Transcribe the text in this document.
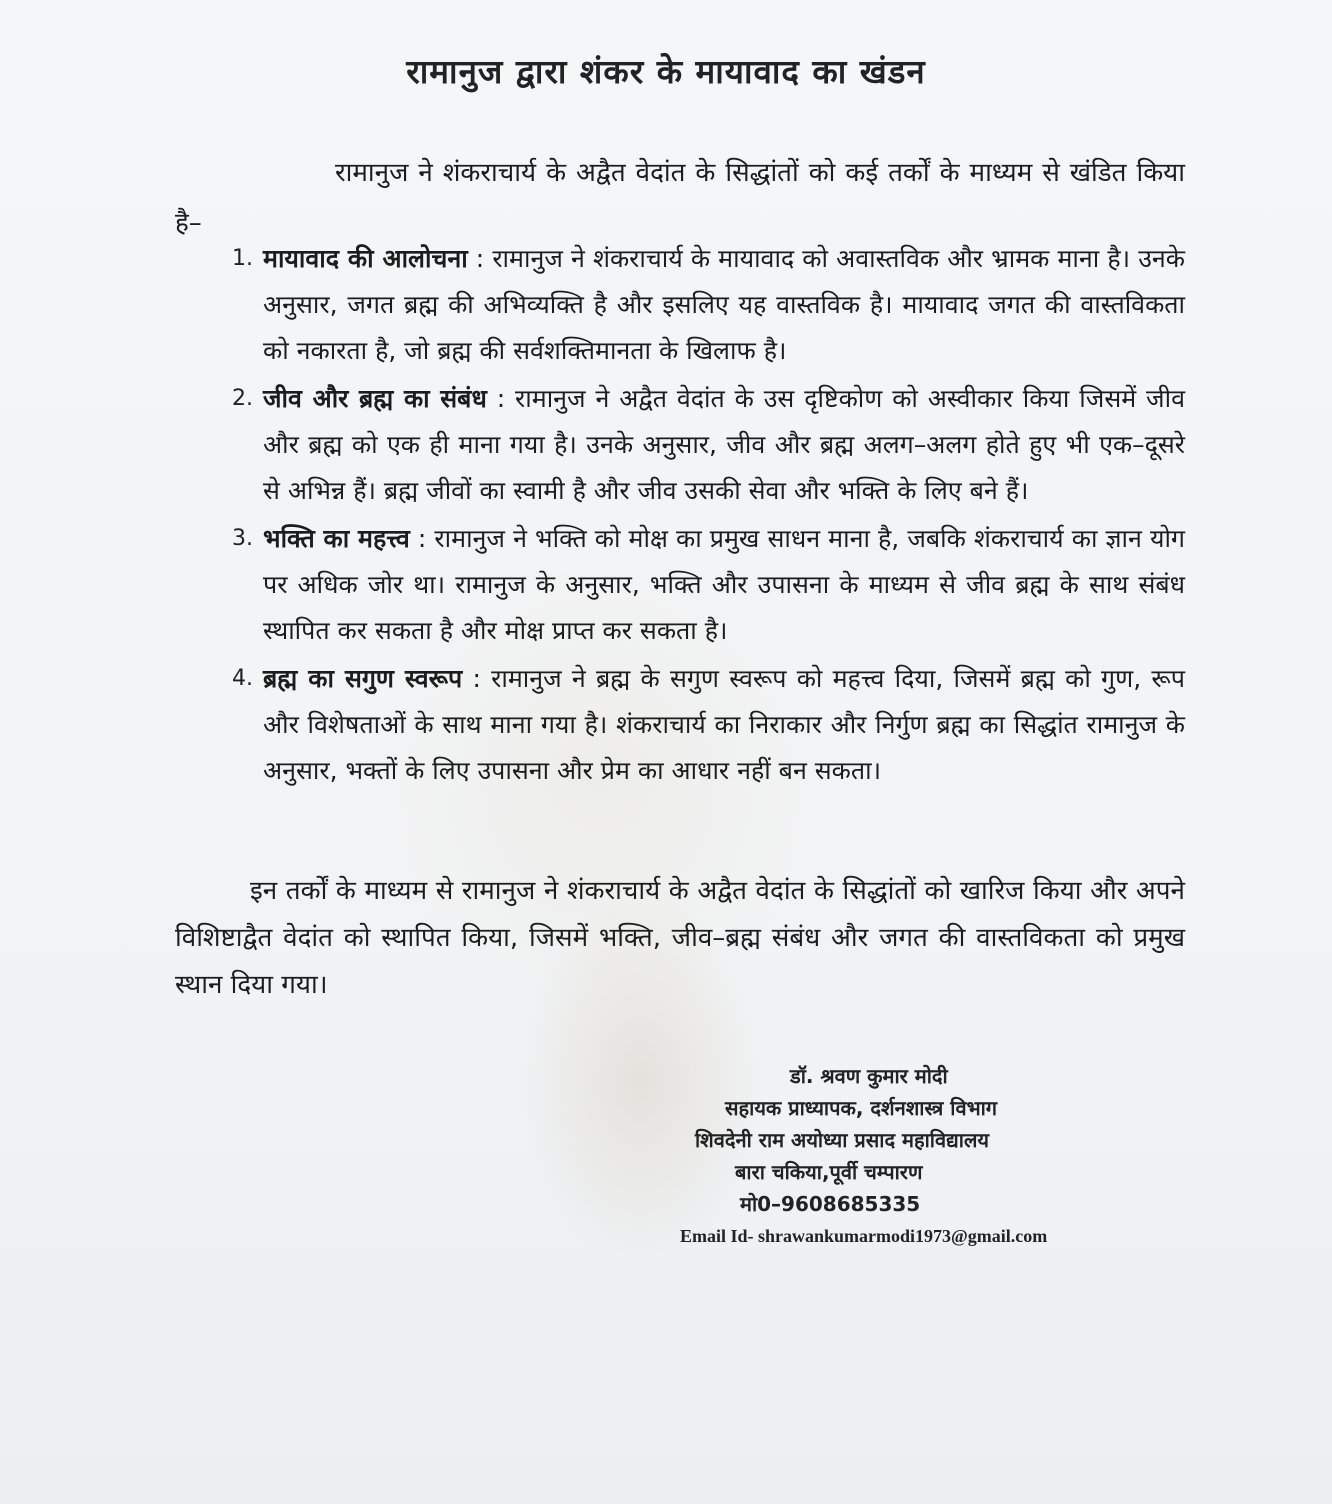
रामानुज द्वारा शंकर के मायावाद का खंडन

रामानुज ने शंकराचार्य के अद्वैत वेदांत के सिद्धांतों को कई तर्कों के माध्यम से खंडित किया है–

1. मायावाद की आलोचना : रामानुज ने शंकराचार्य के मायावाद को अवास्तविक और भ्रामक माना है। उनके अनुसार, जगत ब्रह्म की अभिव्यक्ति है और इसलिए यह वास्तविक है। मायावाद जगत की वास्तविकता को नकारता है, जो ब्रह्म की सर्वशक्तिमानता के खिलाफ है।
2. जीव और ब्रह्म का संबंध : रामानुज ने अद्वैत वेदांत के उस दृष्टिकोण को अस्वीकार किया जिसमें जीव और ब्रह्म को एक ही माना गया है। उनके अनुसार, जीव और ब्रह्म अलग–अलग होते हुए भी एक–दूसरे से अभिन्न हैं। ब्रह्म जीवों का स्वामी है और जीव उसकी सेवा और भक्ति के लिए बने हैं।
3. भक्ति का महत्त्व : रामानुज ने भक्ति को मोक्ष का प्रमुख साधन माना है, जबकि शंकराचार्य का ज्ञान योग पर अधिक जोर था। रामानुज के अनुसार, भक्ति और उपासना के माध्यम से जीव ब्रह्म के साथ संबंध स्थापित कर सकता है और मोक्ष प्राप्त कर सकता है।
4. ब्रह्म का सगुण स्वरूप : रामानुज ने ब्रह्म के सगुण स्वरूप को महत्त्व दिया, जिसमें ब्रह्म को गुण, रूप और विशेषताओं के साथ माना गया है। शंकराचार्य का निराकार और निर्गुण ब्रह्म का सिद्धांत रामानुज के अनुसार, भक्तों के लिए उपासना और प्रेम का आधार नहीं बन सकता।

इन तर्कों के माध्यम से रामानुज ने शंकराचार्य के अद्वैत वेदांत के सिद्धांतों को खारिज किया और अपने विशिष्टाद्वैत वेदांत को स्थापित किया, जिसमें भक्ति, जीव–ब्रह्म संबंध और जगत की वास्तविकता को प्रमुख स्थान दिया गया।

डॉ. श्रवण कुमार मोदी
सहायक प्राध्यापक, दर्शनशास्त्र विभाग
शिवदेनी राम अयोध्या प्रसाद महाविद्यालय
बारा चकिया,पूर्वी चम्पारण
मो0–9608685335
Email Id- shrawankumarmodi1973@gmail.com
